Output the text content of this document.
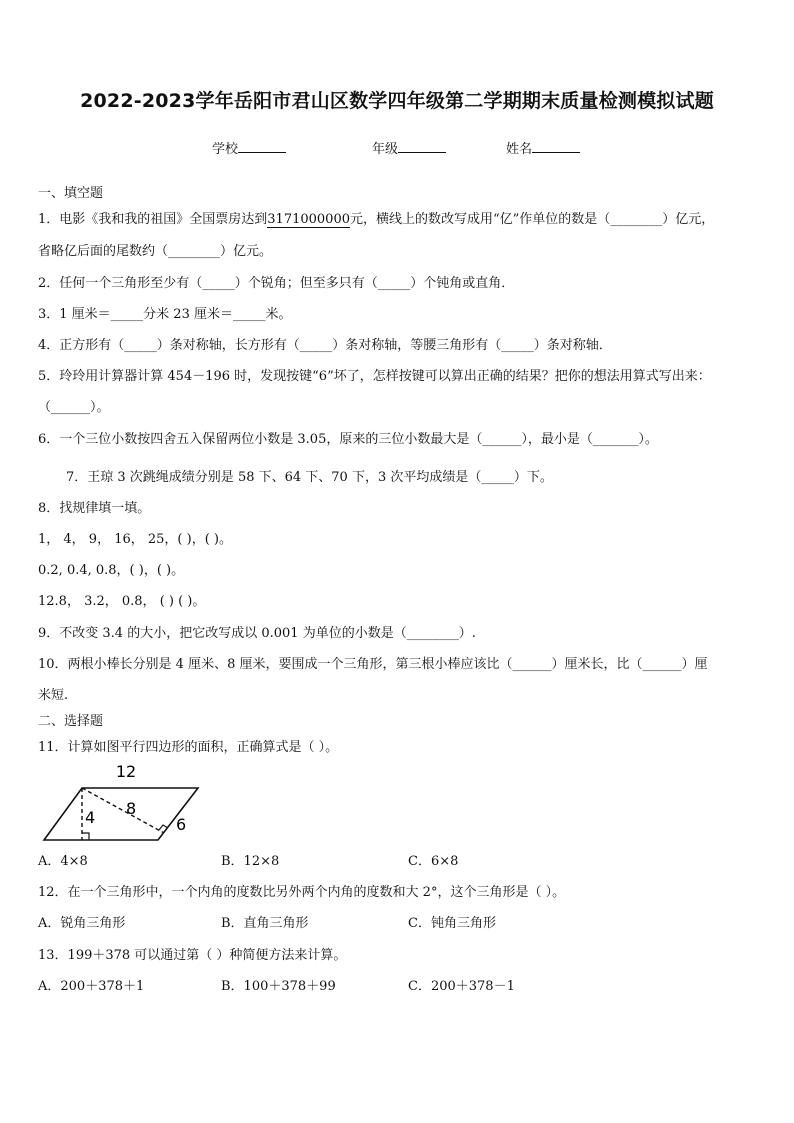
2022-2023学年岳阳市君山区数学四年级第二学期期末质量检测模拟试题
学校	年级	姓名
一、填空题
1．电影《我和我的祖国》全国票房达到3171000000元，横线上的数改写成用“亿”作单位的数是（________）亿元，
省略亿后面的尾数约（________）亿元。
2．任何一个三角形至少有（_____）个锐角；但至多只有（_____）个钝角或直角．
3．1 厘米＝_____分米 23 厘米＝_____米。
4．正方形有（_____）条对称轴，长方形有（_____）条对称轴，等腰三角形有（_____）条对称轴．
5．玲玲用计算器计算 454－196 时，发现按键“6”坏了，怎样按键可以算出正确的结果？把你的想法用算式写出来：
（______）。
6．一个三位小数按四舍五入保留两位小数是 3.05，原来的三位小数最大是（______），最小是（_______）。
7．王琼 3 次跳绳成绩分别是 58 下、64 下、70 下，3 次平均成绩是（_____）下。
8．找规律填一填。
1， 4， 9， 16， 25，( )，( )。
0.2, 0.4, 0.8，( )，( )。
12.8， 3.2， 0.8， ( ) ( )。
9．不改变 3.4 的大小，把它改写成以 0.001 为单位的小数是（________）.
10．两根小棒长分别是 4 厘米、8 厘米，要围成一个三角形，第三根小棒应该比（______）厘米长，比（______）厘
米短.
二、选择题
11．计算如图平行四边形的面积，正确算式是（ ）。
12
4 8
6
A．4×8	B．12×8	C．6×8
12．在一个三角形中，一个内角的度数比另外两个内角的度数和大 2°，这个三角形是（ ）。
A．锐角三角形	B．直角三角形	C．钝角三角形
13．199＋378 可以通过第（ ）种简便方法来计算。
A．200＋378＋1	B．100＋378＋99	C．200＋378－1
